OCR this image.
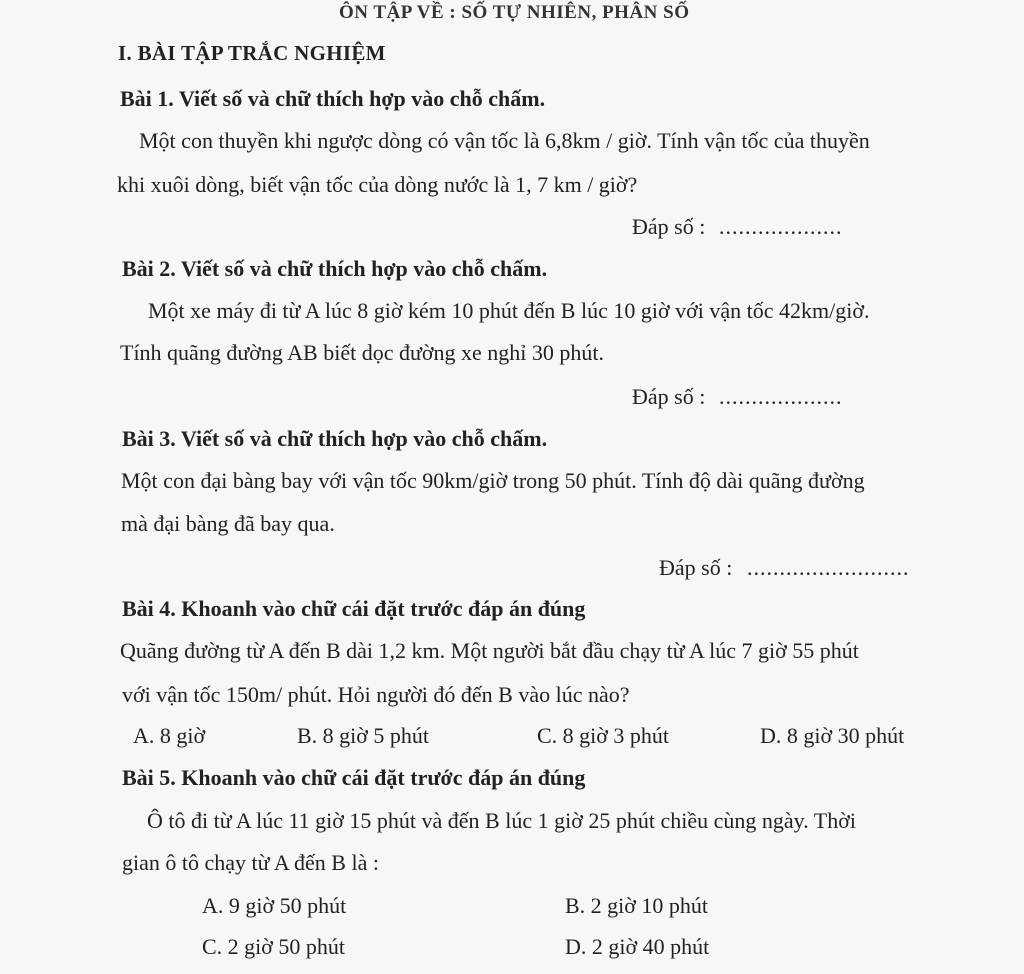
ÔN TẬP VỀ : SỐ TỰ NHIÊN, PHÂN SỐ
I. BÀI TẬP TRẮC NGHIỆM
Bài 1. Viết số và chữ thích hợp vào chỗ chấm.
Một con thuyền khi ngược dòng có vận tốc là 6,8km / giờ. Tính vận tốc của thuyền
khi xuôi dòng, biết vận tốc của dòng nước là 1, 7 km / giờ?
Đáp số : ...................
Bài 2. Viết số và chữ thích hợp vào chỗ chấm.
Một xe máy đi từ A lúc 8 giờ kém 10 phút đến B lúc 10 giờ với vận tốc 42km/giờ.
Tính quãng đường AB biết dọc đường xe nghỉ 30 phút.
Đáp số : ...................
Bài 3. Viết số và chữ thích hợp vào chỗ chấm.
Một con đại bàng bay với vận tốc 90km/giờ trong 50 phút. Tính độ dài quãng đường
mà đại bàng đã bay qua.
Đáp số : .........................
Bài 4. Khoanh vào chữ cái đặt trước đáp án đúng
Quãng đường từ A đến B dài 1,2 km. Một người bắt đầu chạy từ A lúc 7 giờ 55 phút
với vận tốc 150m/ phút. Hỏi người đó đến B vào lúc nào?
A. 8 giờ	B. 8 giờ 5 phút	C. 8 giờ 3 phút	D. 8 giờ 30 phút
Bài 5. Khoanh vào chữ cái đặt trước đáp án đúng
Ô tô đi từ A lúc 11 giờ 15 phút và đến B lúc 1 giờ 25 phút chiều cùng ngày. Thời
gian ô tô chạy từ A đến B là :
A. 9 giờ 50 phút	B. 2 giờ 10 phút
C. 2 giờ 50 phút	D. 2 giờ 40 phút
